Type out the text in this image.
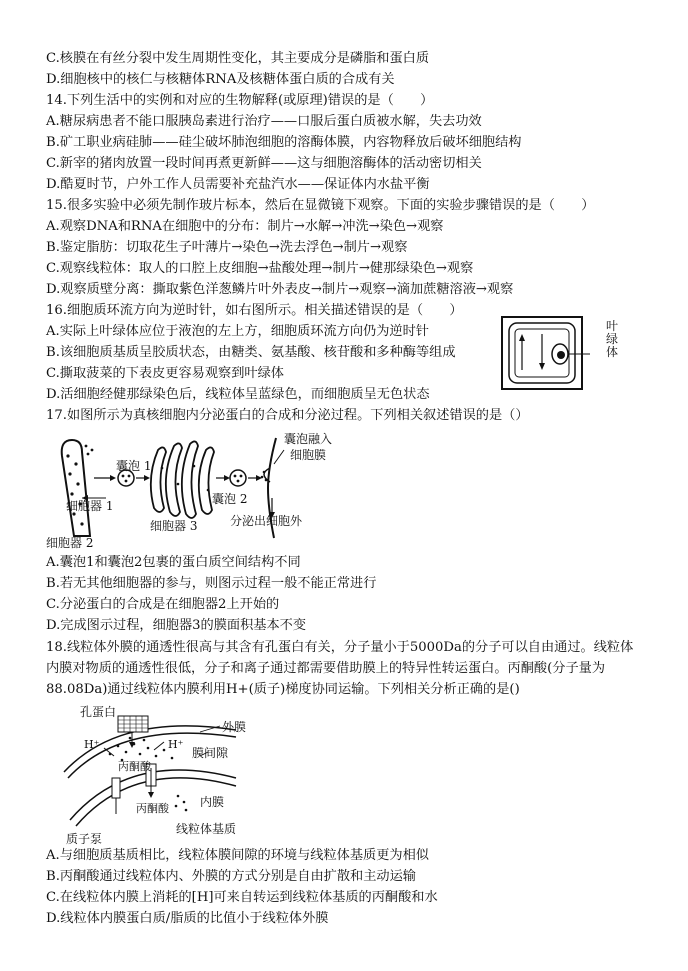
C.核膜在有丝分裂中发生周期性变化，其主要成分是磷脂和蛋白质
D.细胞核中的核仁与核糖体RNA及核糖体蛋白质的合成有关
14.下列生活中的实例和对应的生物解释(或原理)错误的是（　　）
A.糖尿病患者不能口服胰岛素进行治疗——口服后蛋白质被水解，失去功效
B.矿工职业病硅肺——硅尘破坏肺泡细胞的溶酶体膜，内容物释放后破坏细胞结构
C.新宰的猪肉放置一段时间再煮更新鲜——这与细胞溶酶体的活动密切相关
D.酷夏时节，户外工作人员需要补充盐汽水——保证体内水盐平衡
15.很多实验中必须先制作玻片标本，然后在显微镜下观察。下面的实验步骤错误的是（　　）
A.观察DNA和RNA在细胞中的分布：制片→水解→冲洗→染色→观察
B.鉴定脂肪：切取花生子叶薄片→染色→洗去浮色→制片→观察
C.观察线粒体：取人的口腔上皮细胞→盐酸处理→制片→健那绿染色→观察
D.观察质壁分离：撕取紫色洋葱鳞片叶外表皮→制片→观察→滴加蔗糖溶液→观察
16.细胞质环流方向为逆时针，如右图所示。相关描述错误的是（　　）
A.实际上叶绿体应位于液泡的左上方，细胞质环流方向仍为逆时针
B.该细胞质基质呈胶质状态，由糖类、氨基酸、核苷酸和多种酶等组成
C.撕取菠菜的下表皮更容易观察到叶绿体
D.活细胞经健那绿染色后，线粒体呈蓝绿色，而细胞质呈无色状态
叶绿体
17.如图所示为真核细胞内分泌蛋白的合成和分泌过程。下列相关叙述错误的是（）
囊泡 1
细胞器 1
细胞器 3
细胞器 2
囊泡 2
分泌出细胞外
囊泡融入
细胞膜
A.囊泡1和囊泡2包裹的蛋白质空间结构不同
B.若无其他细胞器的参与，则图示过程一般不能正常进行
C.分泌蛋白的合成是在细胞器2上开始的
D.完成图示过程，细胞器3的膜面积基本不变
18.线粒体外膜的通透性很高与其含有孔蛋白有关，分子量小于5000Da的分子可以自由通过。线粒体内膜对物质的通透性很低，分子和离子通过都需要借助膜上的特异性转运蛋白。丙酮酸(分子量为88.08Da)通过线粒体内膜利用H+(质子)梯度协同运输。下列相关分析正确的是()
孔蛋白
外膜
膜间隙
内膜
H⁺	H⁺
丙酮酸
丙酮酸
质子泵
线粒体基质
A.与细胞质基质相比，线粒体膜间隙的环境与线粒体基质更为相似
B.丙酮酸通过线粒体内、外膜的方式分别是自由扩散和主动运输
C.在线粒体内膜上消耗的[H]可来自转运到线粒体基质的丙酮酸和水
D.线粒体内膜蛋白质/脂质的比值小于线粒体外膜
